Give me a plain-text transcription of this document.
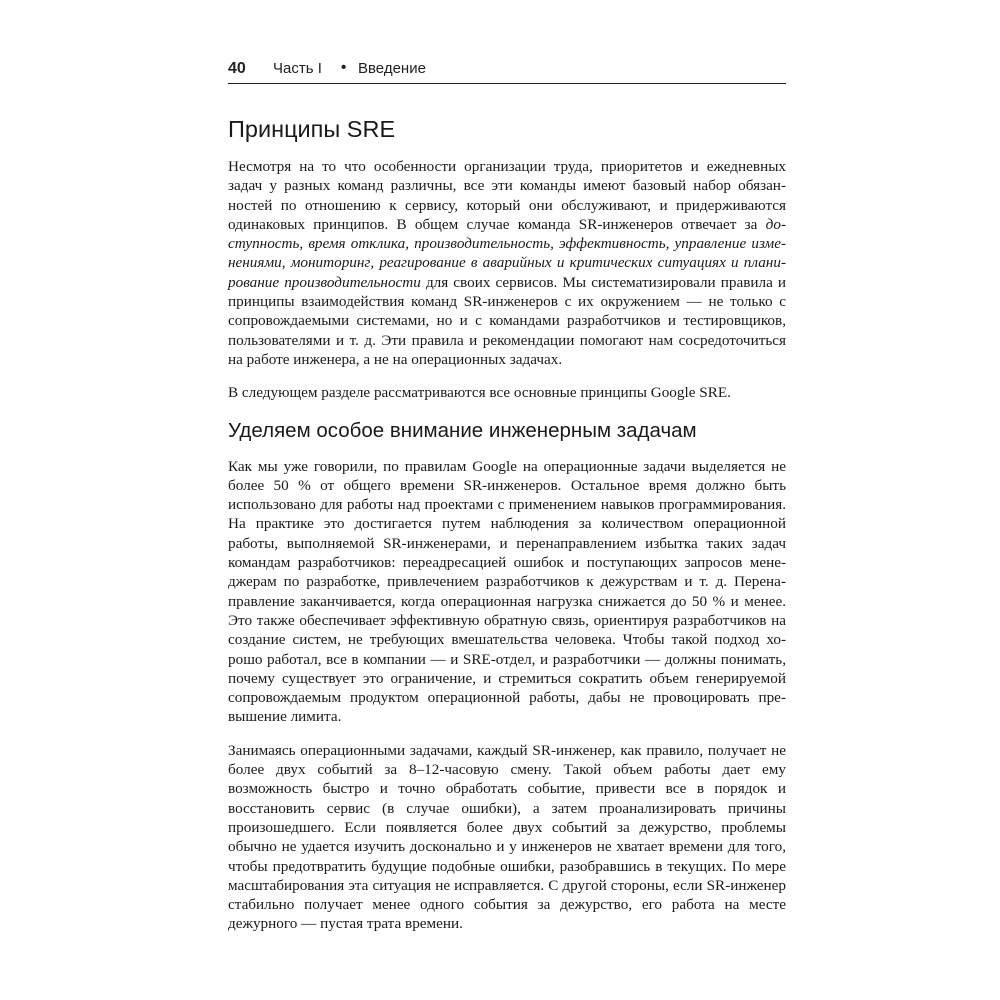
40 Часть I • Введение
Принципы SRE

Несмотря на то что особенности организации труда, приоритетов и ежедневных задач у разных команд различны, все эти команды имеют базовый набор обязанностей по отношению к сервису, который они обслуживают, и придерживаются одинаковых принципов. В общем случае команда SR-инженеров отвечает за доступность, время отклика, производительность, эффективность, управление изменениями, мониторинг, реагирование в аварийных и критических ситуациях и планирование производительности для своих сервисов. Мы систематизировали правила и принципы взаимодействия команд SR-инженеров с их окружением — не только с сопровождаемыми системами, но и с командами разработчиков и тестировщиков, пользователями и т. д. Эти правила и рекомендации помогают нам сосредоточиться на работе инженера, а не на операционных задачах.

В следующем разделе рассматриваются все основные принципы Google SRE.

Уделяем особое внимание инженерным задачам

Как мы уже говорили, по правилам Google на операционные задачи выделяется не более 50 % от общего времени SR-инженеров. Остальное время должно быть использовано для работы над проектами с применением навыков программирования. На практике это достигается путем наблюдения за количеством операционной работы, выполняемой SR-инженерами, и перенаправлением избытка таких задач командам разработчиков: переадресацией ошибок и поступающих запросов менеджерам по разработке, привлечением разработчиков к дежурствам и т. д. Перенаправление заканчивается, когда операционная нагрузка снижается до 50 % и менее. Это также обеспечивает эффективную обратную связь, ориентируя разработчиков на создание систем, не требующих вмешательства человека. Чтобы такой подход хорошо работал, все в компании — и SRE-отдел, и разработчики — должны понимать, почему существует это ограничение, и стремиться сократить объем генерируемой сопровождаемым продуктом операционной работы, дабы не провоцировать превышение лимита.

Занимаясь операционными задачами, каждый SR-инженер, как правило, получает не более двух событий за 8–12-часовую смену. Такой объем работы дает ему возможность быстро и точно обработать событие, привести все в порядок и восстановить сервис (в случае ошибки), а затем проанализировать причины произошедшего. Если появляется более двух событий за дежурство, проблемы обычно не удается изучить досконально и у инженеров не хватает времени для того, чтобы предотвратить будущие подобные ошибки, разобравшись в текущих. По мере масштабирования эта ситуация не исправляется. С другой стороны, если SR-инженер стабильно получает менее одного события за дежурство, его работа на месте дежурного — пустая трата времени.
